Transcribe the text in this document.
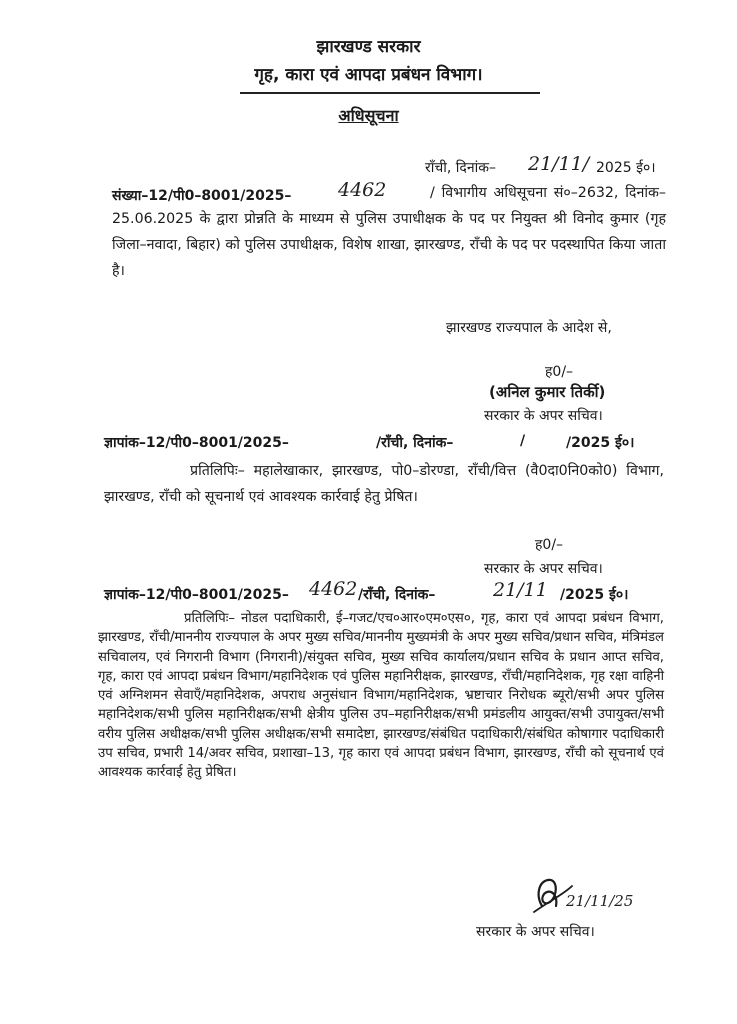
झारखण्ड सरकार
गृह, कारा एवं आपदा प्रबंधन विभाग।
अधिसूचना
राँची, दिनांक– 21/11/ 2025 ई०।
संख्या–12/पी0–8001/2025– 4462	/ विभागीय अधिसूचना सं०–2632, दिनांक–25.06.2025 के द्वारा प्रोन्नति के माध्यम से पुलिस उपाधीक्षक के पद पर नियुक्त श्री विनोद कुमार (गृह जिला–नवादा, बिहार) को पुलिस उपाधीक्षक, विशेष शाखा, झारखण्ड, राँची के पद पर पदस्थापित किया जाता है।
झारखण्ड राज्यपाल के आदेश से,
ह0/–
(अनिल कुमार तिर्की)
सरकार के अपर सचिव।
ज्ञापांक–12/पी0–8001/2025–	/राँची, दिनांक–	/	/2025 ई०।
प्रतिलिपिः– महालेखाकार, झारखण्ड, पो0–डोरण्डा, राँची/वित्त (वै0दा0नि0को0) विभाग, झारखण्ड, राँची को सूचनार्थ एवं आवश्यक कार्रवाई हेतु प्रेषित।
ह0/–
सरकार के अपर सचिव।
ज्ञापांक–12/पी0–8001/2025– 4462 /राँची, दिनांक–	21/11 /2025 ई०।
प्रतिलिपिः– नोडल पदाधिकारी, ई–गजट/एच०आर०एम०एस०, गृह, कारा एवं आपदा प्रबंधन विभाग, झारखण्ड, राँची/माननीय राज्यपाल के अपर मुख्य सचिव/माननीय मुख्यमंत्री के अपर मुख्य सचिव/प्रधान सचिव, मंत्रिमंडल सचिवालय, एवं निगरानी विभाग (निगरानी)/संयुक्त सचिव, मुख्य सचिव कार्यालय/प्रधान सचिव के प्रधान आप्त सचिव, गृह, कारा एवं आपदा प्रबंधन विभाग/महानिदेशक एवं पुलिस महानिरीक्षक, झारखण्ड, राँची/महानिदेशक, गृह रक्षा वाहिनी एवं अग्निशमन सेवाएँ/महानिदेशक, अपराध अनुसंधान विभाग/महानिदेशक, भ्रष्टाचार निरोधक ब्यूरो/सभी अपर पुलिस महानिदेशक/सभी पुलिस महानिरीक्षक/सभी क्षेत्रीय पुलिस उप–महानिरीक्षक/सभी प्रमंडलीय आयुक्त/सभी उपायुक्त/सभी वरीय पुलिस अधीक्षक/सभी पुलिस अधीक्षक/सभी समादेष्टा, झारखण्ड/संबंधित पदाधिकारी/संबंधित कोषागार पदाधिकारी उप सचिव, प्रभारी 14/अवर सचिव, प्रशाखा–13, गृह कारा एवं आपदा प्रबंधन विभाग, झारखण्ड, राँची को सूचनार्थ एवं आवश्यक कार्रवाई हेतु प्रेषित।
21/11/25
सरकार के अपर सचिव।
